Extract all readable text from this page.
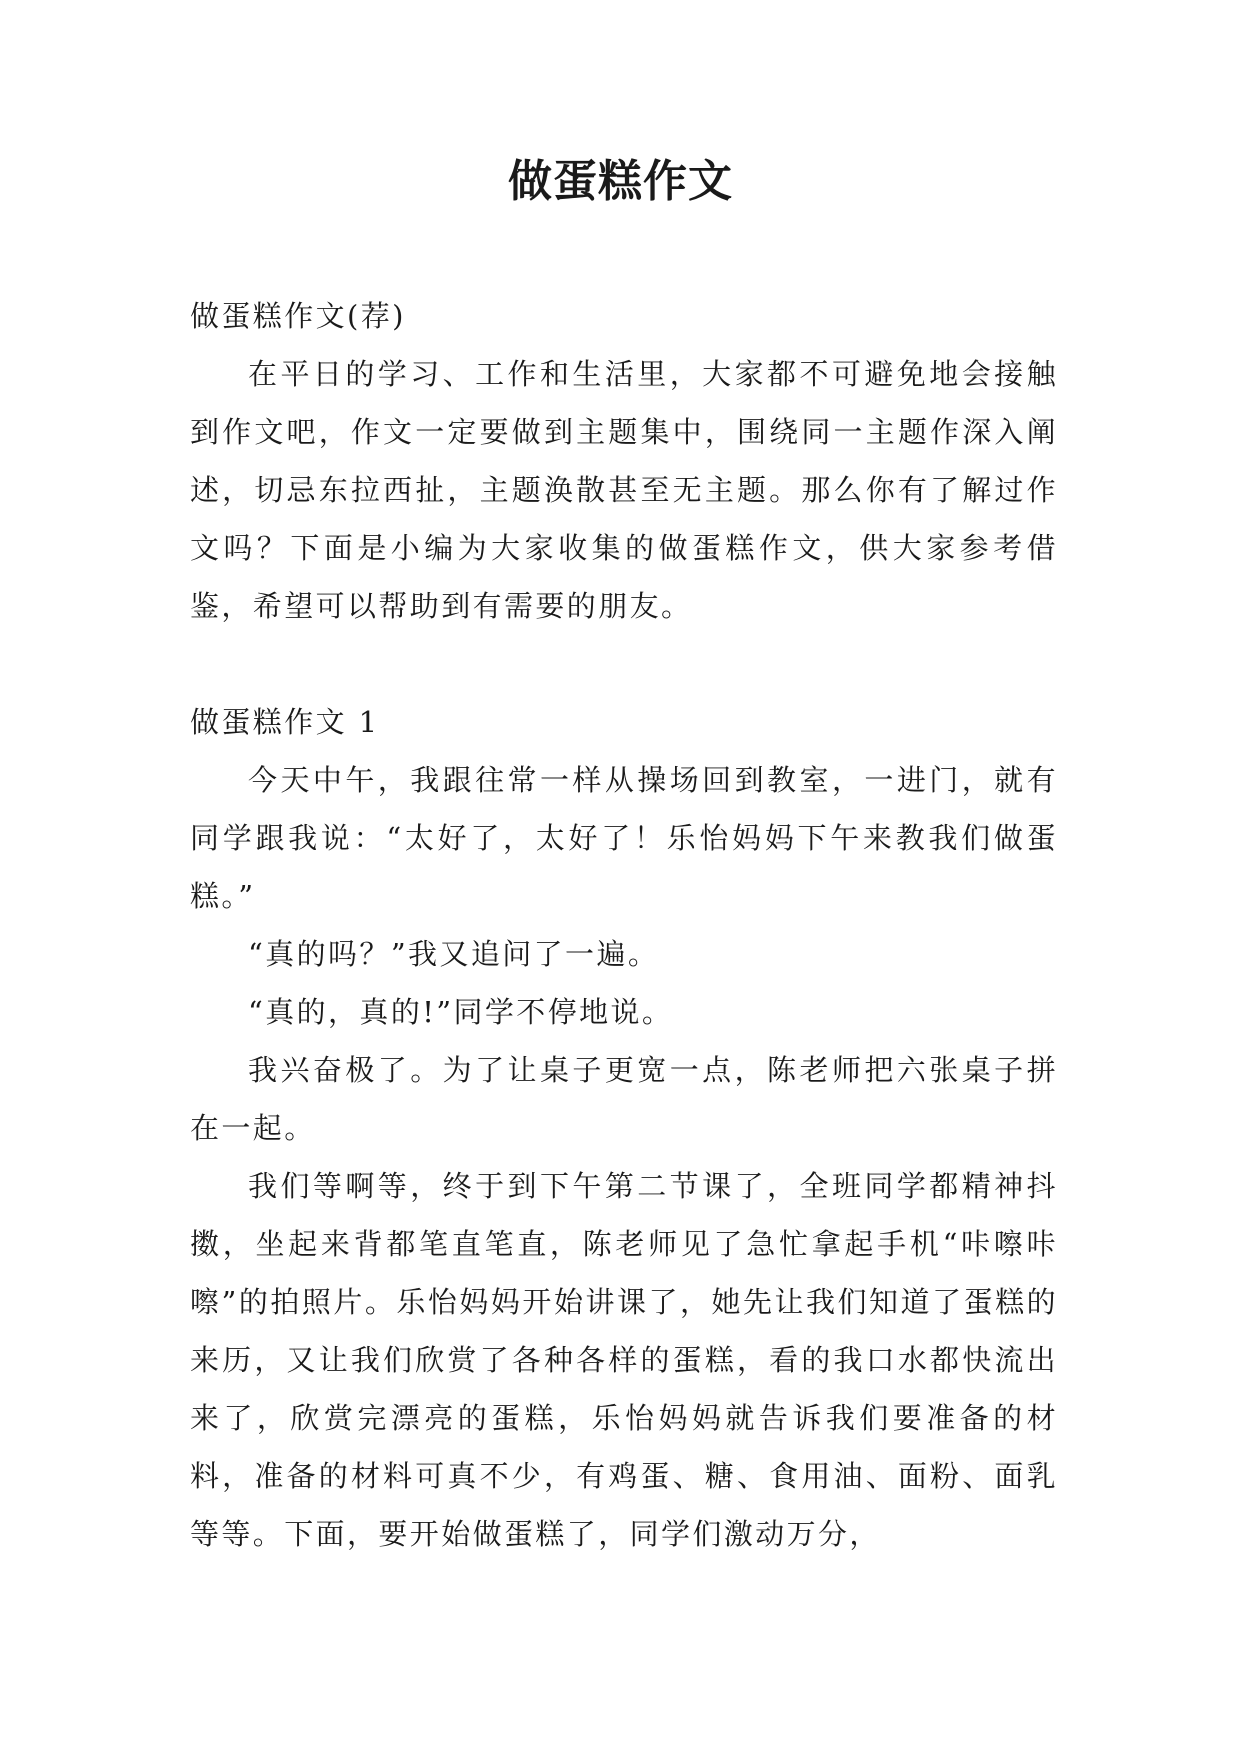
做蛋糕作文

做蛋糕作文(荐)

在平日的学习、工作和生活里，大家都不可避免地会接触到作文吧，作文一定要做到主题集中，围绕同一主题作深入阐述，切忌东拉西扯，主题涣散甚至无主题。那么你有了解过作文吗？下面是小编为大家收集的做蛋糕作文，供大家参考借鉴，希望可以帮助到有需要的朋友。

做蛋糕作文 1

今天中午，我跟往常一样从操场回到教室，一进门，就有同学跟我说：“太好了，太好了！乐怡妈妈下午来教我们做蛋糕。”

“真的吗？”我又追问了一遍。

“真的，真的!”同学不停地说。

我兴奋极了。为了让桌子更宽一点，陈老师把六张桌子拼在一起。

我们等啊等，终于到下午第二节课了，全班同学都精神抖擞，坐起来背都笔直笔直，陈老师见了急忙拿起手机“咔嚓咔嚓”的拍照片。乐怡妈妈开始讲课了，她先让我们知道了蛋糕的来历，又让我们欣赏了各种各样的蛋糕，看的我口水都快流出来了，欣赏完漂亮的蛋糕，乐怡妈妈就告诉我们要准备的材料，准备的材料可真不少，有鸡蛋、糖、食用油、面粉、面乳等等。下面，要开始做蛋糕了，同学们激动万分，
